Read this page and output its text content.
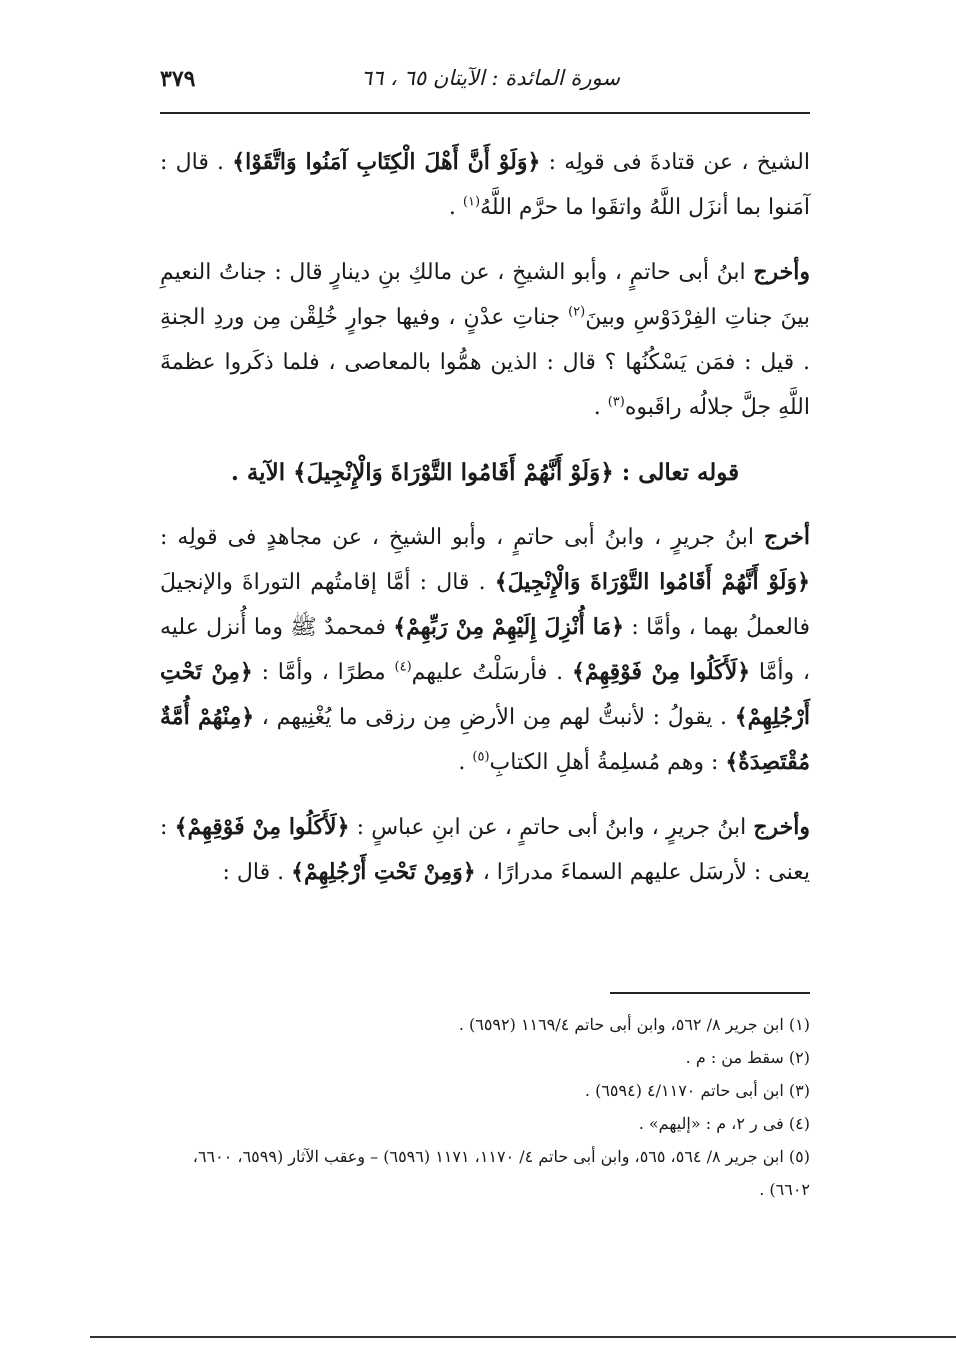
٣٧٩	سورة المائدة : الآيتان ٦٥ ، ٦٦

الشيخ ، عن قتادةَ فى قولِه : ﴿وَلَوْ أَنَّ أَهْلَ الْكِتَابِ آمَنُوا وَاتَّقَوْا﴾ . قال : آمَنوا بما أنزَل اللَّهُ واتقَوا ما حرَّم اللَّهُ$^{(١)}$ .

وأخرج ابنُ أبى حاتمٍ ، وأبو الشيخِ ، عن مالكِ بنِ دينارٍ قال : جناتُ النعيمِ بينَ جناتِ الفِرْدَوْسِ وبينَ$^{(٢)}$ جناتِ عدْنٍ ، وفيها جوارٍ خُلِقْن مِن وردِ الجنةِ . قيل : فمَن يَسْكُنُها ؟ قال : الذين همُّوا بالمعاصى ، فلما ذكَروا عظمةَ اللَّهِ جلَّ جلالُه راقَبوه$^{(٣)}$ .

قوله تعالى : ﴿وَلَوْ أَنَّهُمْ أَقَامُوا التَّوْرَاةَ وَالْإِنْجِيلَ﴾ الآية .

أخرج ابنُ جريرٍ ، وابنُ أبى حاتمٍ ، وأبو الشيخِ ، عن مجاهدٍ فى قولِه : ﴿وَلَوْ أَنَّهُمْ أَقَامُوا التَّوْرَاةَ وَالْإِنْجِيلَ﴾ . قال : أمَّا إقامتُهم التوراةَ والإنجيلَ فالعملُ بهما ، وأمَّا : ﴿مَا أُنْزِلَ إِلَيْهِمْ مِنْ رَبِّهِمْ﴾ فمحمدٌ ﷺ وما أُنزل عليه ، وأمَّا ﴿لَأَكَلُوا مِنْ فَوْقِهِمْ﴾ . فأرسَلْتُ عليهم$^{(٤)}$ مطرًا ، وأمَّا : ﴿مِنْ تَحْتِ أَرْجُلِهِمْ﴾ . يقولُ : لأنبتُّ لهم مِن الأرضِ مِن رزقى ما يُغْنِيهم ، ﴿مِنْهُمْ أُمَّةٌ مُقْتَصِدَةٌ﴾ : وهم مُسلِمةُ أهلِ الكتابِ$^{(٥)}$ .

وأخرج ابنُ جريرٍ ، وابنُ أبى حاتمٍ ، عن ابنِ عباسٍ : ﴿لَأَكَلُوا مِنْ فَوْقِهِمْ﴾ : يعنى : لأرسَل عليهم السماءَ مدرارًا ، ﴿وَمِنْ تَحْتِ أَرْجُلِهِمْ﴾ . قال :

(١) ابن جرير ٨/ ٥٦٢، وابن أبى حاتم ١١٦٩/٤ (٦٥٩٢) .
(٢) سقط من : م .
(٣) ابن أبى حاتم ٤/١١٧٠ (٦٥٩٤) .
(٤) فى ر ٢، م : «إليهم» .
(٥) ابن جرير ٨/ ٥٦٤، ٥٦٥، وابن أبى حاتم ٤/ ١١٧٠، ١١٧١ (٦٥٩٦) – وعقب الآثار (٦٥٩٩، ٦٦٠٠، ٦٦٠٢) .
